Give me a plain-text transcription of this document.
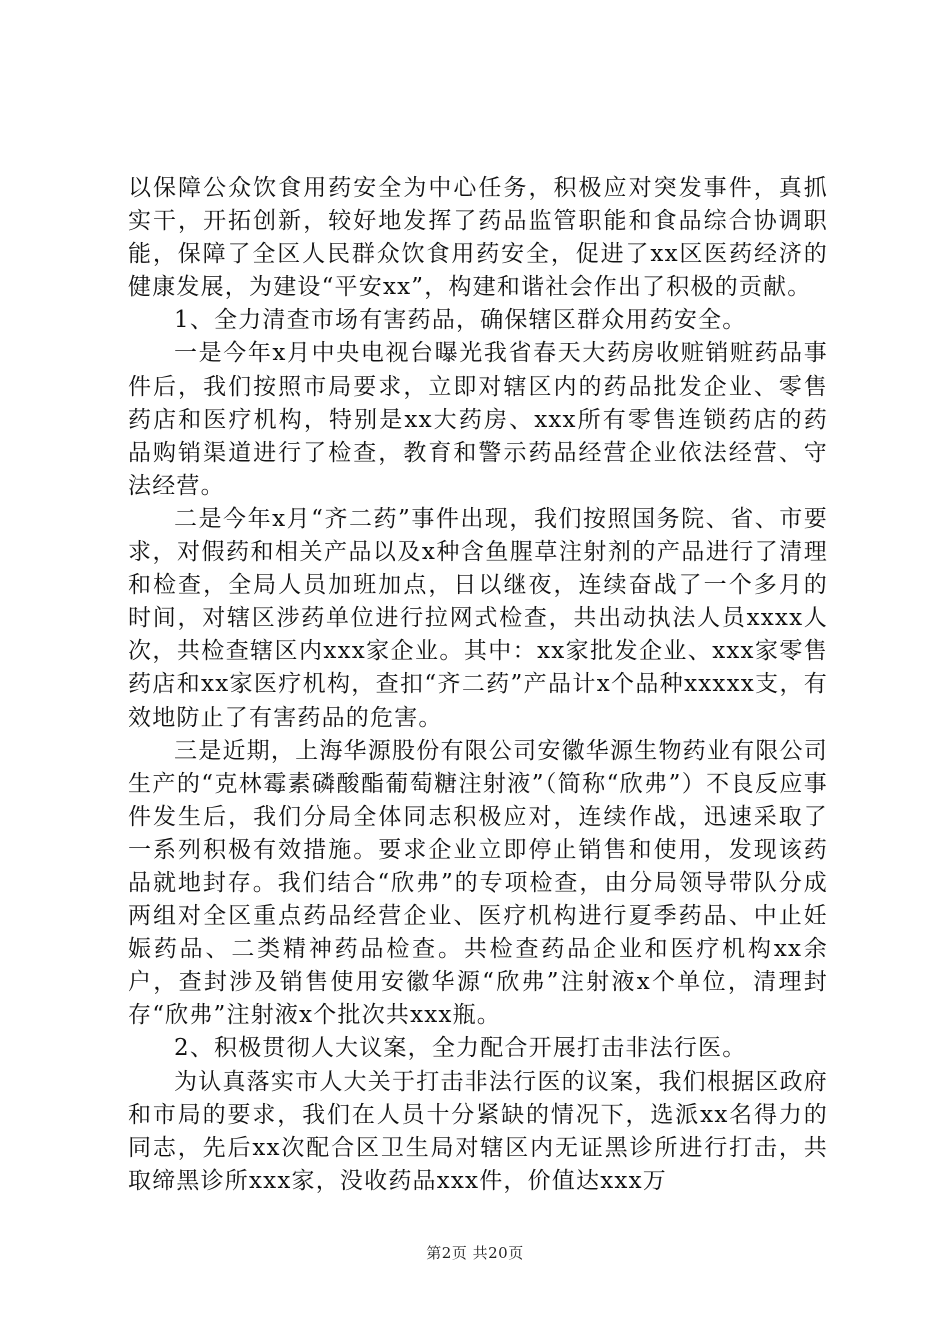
以保障公众饮食用药安全为中心任务，积极应对突发事件，真抓实干，开拓创新，较好地发挥了药品监管职能和食品综合协调职能，保障了全区人民群众饮食用药安全，促进了xx区医药经济的健康发展，为建设“平安xx”，构建和谐社会作出了积极的贡献。

1、全力清查市场有害药品，确保辖区群众用药安全。

一是今年x月中央电视台曝光我省春天大药房收赃销赃药品事件后，我们按照市局要求，立即对辖区内的药品批发企业、零售药店和医疗机构，特别是xx大药房、xxx所有零售连锁药店的药品购销渠道进行了检查，教育和警示药品经营企业依法经营、守法经营。

二是今年x月“齐二药”事件出现，我们按照国务院、省、市要求，对假药和相关产品以及x种含鱼腥草注射剂的产品进行了清理和检查，全局人员加班加点，日以继夜，连续奋战了一个多月的时间，对辖区涉药单位进行拉网式检查，共出动执法人员xxxx人次，共检查辖区内xxx家企业。其中：xx家批发企业、xxx家零售药店和xx家医疗机构，查扣“齐二药”产品计x个品种xxxxx支，有效地防止了有害药品的危害。

三是近期，上海华源股份有限公司安徽华源生物药业有限公司生产的“克林霉素磷酸酯葡萄糖注射液”（简称“欣弗”）不良反应事件发生后，我们分局全体同志积极应对，连续作战，迅速采取了一系列积极有效措施。要求企业立即停止销售和使用，发现该药品就地封存。我们结合“欣弗”的专项检查，由分局领导带队分成两组对全区重点药品经营企业、医疗机构进行夏季药品、中止妊娠药品、二类精神药品检查。共检查药品企业和医疗机构xx余户，查封涉及销售使用安徽华源“欣弗”注射液x个单位，清理封存“欣弗”注射液x个批次共xxx瓶。

2、积极贯彻人大议案，全力配合开展打击非法行医。

为认真落实市人大关于打击非法行医的议案，我们根据区政府和市局的要求，我们在人员十分紧缺的情况下，选派xx名得力的同志，先后xx次配合区卫生局对辖区内无证黑诊所进行打击，共取缔黑诊所xxx家，没收药品xxx件，价值达xxx万

第2页 共20页
